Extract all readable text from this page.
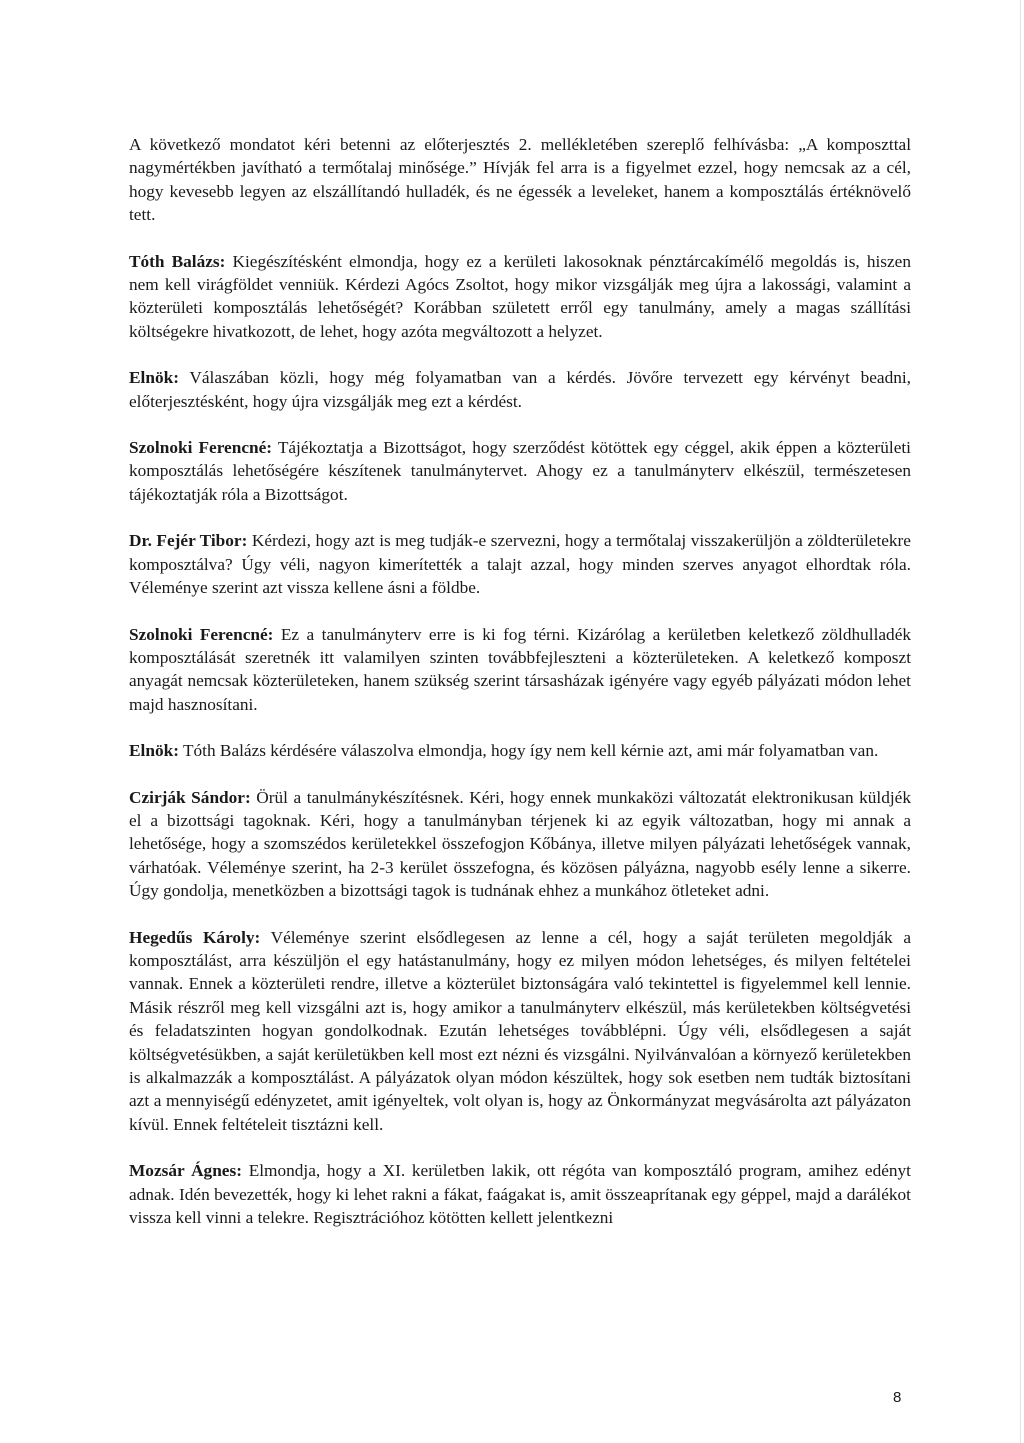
A következő mondatot kéri betenni az előterjesztés 2. mellékletében szereplő felhívásba: „A komposzttal nagymértékben javítható a termőtalaj minősége.” Hívják fel arra is a figyelmet ezzel, hogy nemcsak az a cél, hogy kevesebb legyen az elszállítandó hulladék, és ne égessék a leveleket, hanem a komposztálás értéknövelő tett.

Tóth Balázs: Kiegészítésként elmondja, hogy ez a kerületi lakosoknak pénztárcakímélő megoldás is, hiszen nem kell virágföldet venniük. Kérdezi Agócs Zsoltot, hogy mikor vizsgálják meg újra a lakossági, valamint a közterületi komposztálás lehetőségét? Korábban született erről egy tanulmány, amely a magas szállítási költségekre hivatkozott, de lehet, hogy azóta megváltozott a helyzet.

Elnök: Válaszában közli, hogy még folyamatban van a kérdés. Jövőre tervezett egy kérvényt beadni, előterjesztésként, hogy újra vizsgálják meg ezt a kérdést.

Szolnoki Ferencné: Tájékoztatja a Bizottságot, hogy szerződést kötöttek egy céggel, akik éppen a közterületi komposztálás lehetőségére készítenek tanulmánytervet. Ahogy ez a tanulmányterv elkészül, természetesen tájékoztatják róla a Bizottságot.

Dr. Fejér Tibor: Kérdezi, hogy azt is meg tudják-e szervezni, hogy a termőtalaj visszakerüljön a zöldterületekre komposztálva? Úgy véli, nagyon kimerítették a talajt azzal, hogy minden szerves anyagot elhordtak róla. Véleménye szerint azt vissza kellene ásni a földbe.

Szolnoki Ferencné: Ez a tanulmányterv erre is ki fog térni. Kizárólag a kerületben keletkező zöldhulladék komposztálását szeretnék itt valamilyen szinten továbbfejleszteni a közterületeken. A keletkező komposzt anyagát nemcsak közterületeken, hanem szükség szerint társasházak igényére vagy egyéb pályázati módon lehet majd hasznosítani.

Elnök: Tóth Balázs kérdésére válaszolva elmondja, hogy így nem kell kérnie azt, ami már folyamatban van.

Czirják Sándor: Örül a tanulmánykészítésnek. Kéri, hogy ennek munkaközi változatát elektronikusan küldjék el a bizottsági tagoknak. Kéri, hogy a tanulmányban térjenek ki az egyik változatban, hogy mi annak a lehetősége, hogy a szomszédos kerületekkel összefogjon Kőbánya, illetve milyen pályázati lehetőségek vannak, várhatóak. Véleménye szerint, ha 2-3 kerület összefogna, és közösen pályázna, nagyobb esély lenne a sikerre. Úgy gondolja, menetközben a bizottsági tagok is tudnának ehhez a munkához ötleteket adni.

Hegedűs Károly: Véleménye szerint elsődlegesen az lenne a cél, hogy a saját területen megoldják a komposztálást, arra készüljön el egy hatástanulmány, hogy ez milyen módon lehetséges, és milyen feltételei vannak. Ennek a közterületi rendre, illetve a közterület biztonságára való tekintettel is figyelemmel kell lennie. Másik részről meg kell vizsgálni azt is, hogy amikor a tanulmányterv elkészül, más kerületekben költségvetési és feladatszinten hogyan gondolkodnak. Ezután lehetséges továbblépni. Úgy véli, elsődlegesen a saját költségvetésükben, a saját kerületükben kell most ezt nézni és vizsgálni. Nyilvánvalóan a környező kerületekben is alkalmazzák a komposztálást. A pályázatok olyan módon készültek, hogy sok esetben nem tudták biztosítani azt a mennyiségű edényzetet, amit igényeltek, volt olyan is, hogy az Önkormányzat megvásárolta azt pályázaton kívül. Ennek feltételeit tisztázni kell.

Mozsár Ágnes: Elmondja, hogy a XI. kerületben lakik, ott régóta van komposztáló program, amihez edényt adnak. Idén bevezették, hogy ki lehet rakni a fákat, faágakat is, amit összeaprítanak egy géppel, majd a darálékot vissza kell vinni a telekre. Regisztrációhoz kötötten kellett jelentkezni

8
